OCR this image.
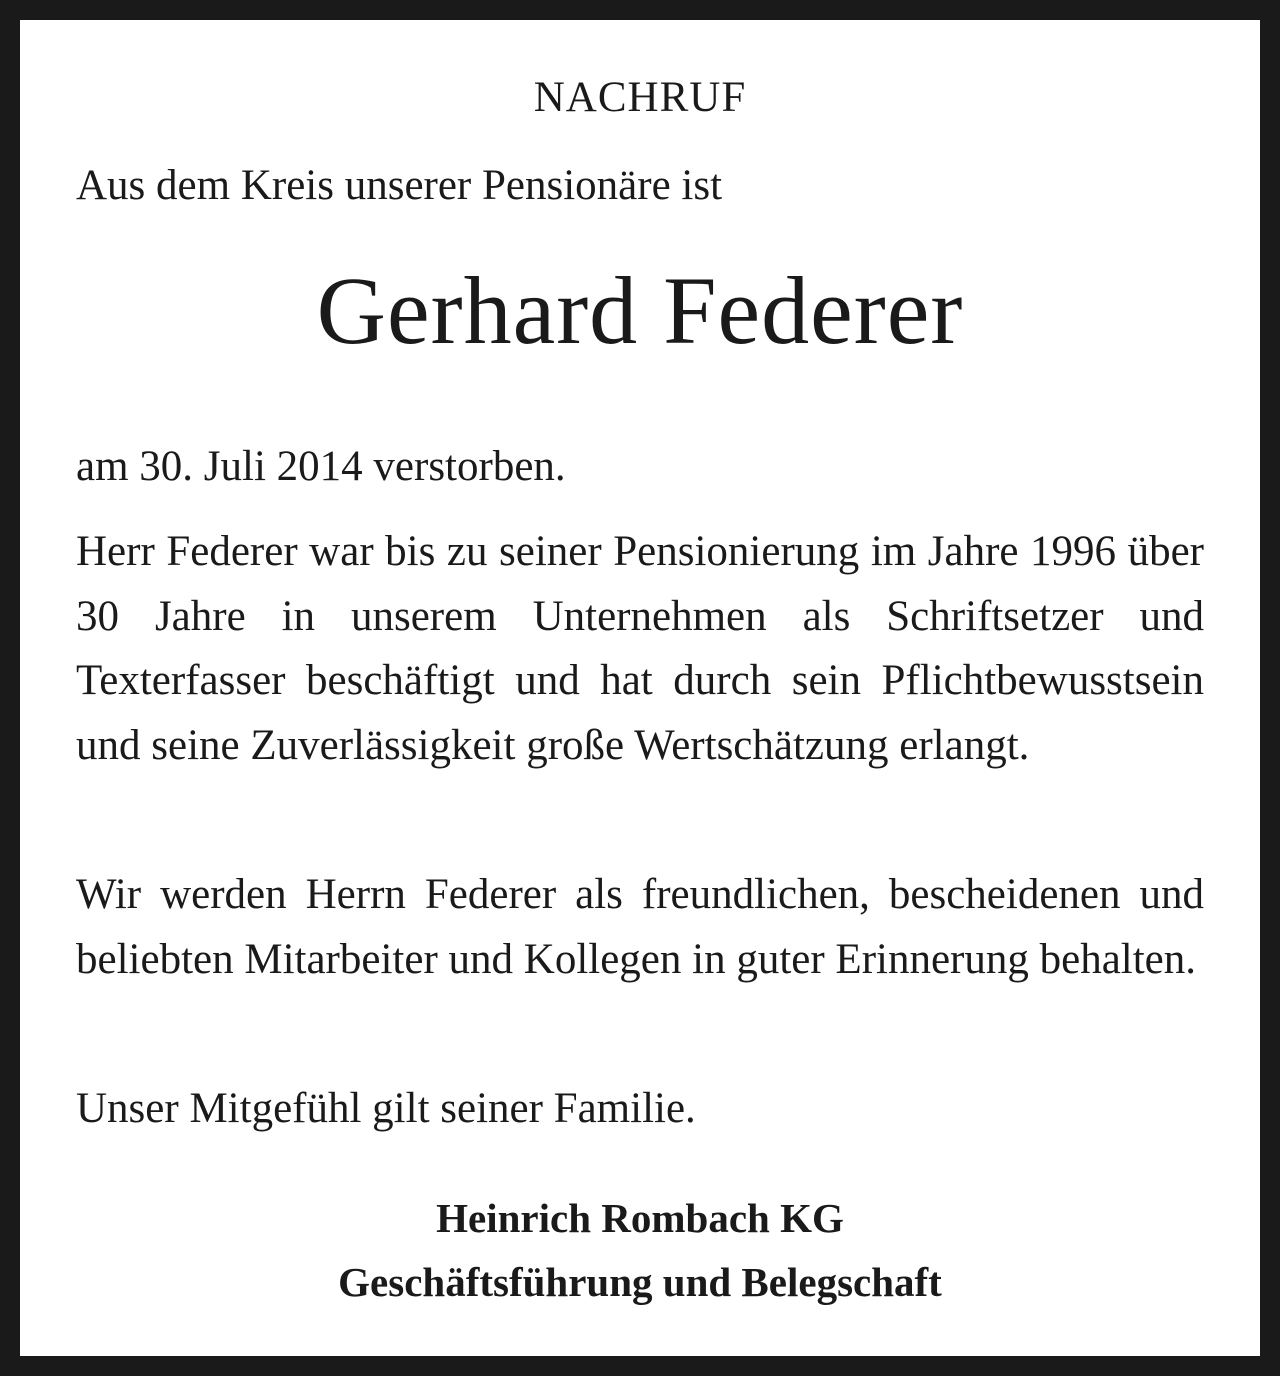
NACHRUF
Aus dem Kreis unserer Pensionäre ist
Gerhard Federer

am 30. Juli 2014 verstorben.

Herr Federer war bis zu seiner Pensionierung im Jahre 1996 über 30 Jahre in unserem Unternehmen als Schriftsetzer und Texterfasser beschäftigt und hat durch sein Pflichtbewusstsein und seine Zuverlässigkeit große Wertschätzung erlangt.

Wir werden Herrn Federer als freundlichen, bescheidenen und beliebten Mitarbeiter und Kollegen in guter Erinnerung behalten.

Unser Mitgefühl gilt seiner Familie.

Heinrich Rombach KG
Geschäftsführung und Belegschaft
